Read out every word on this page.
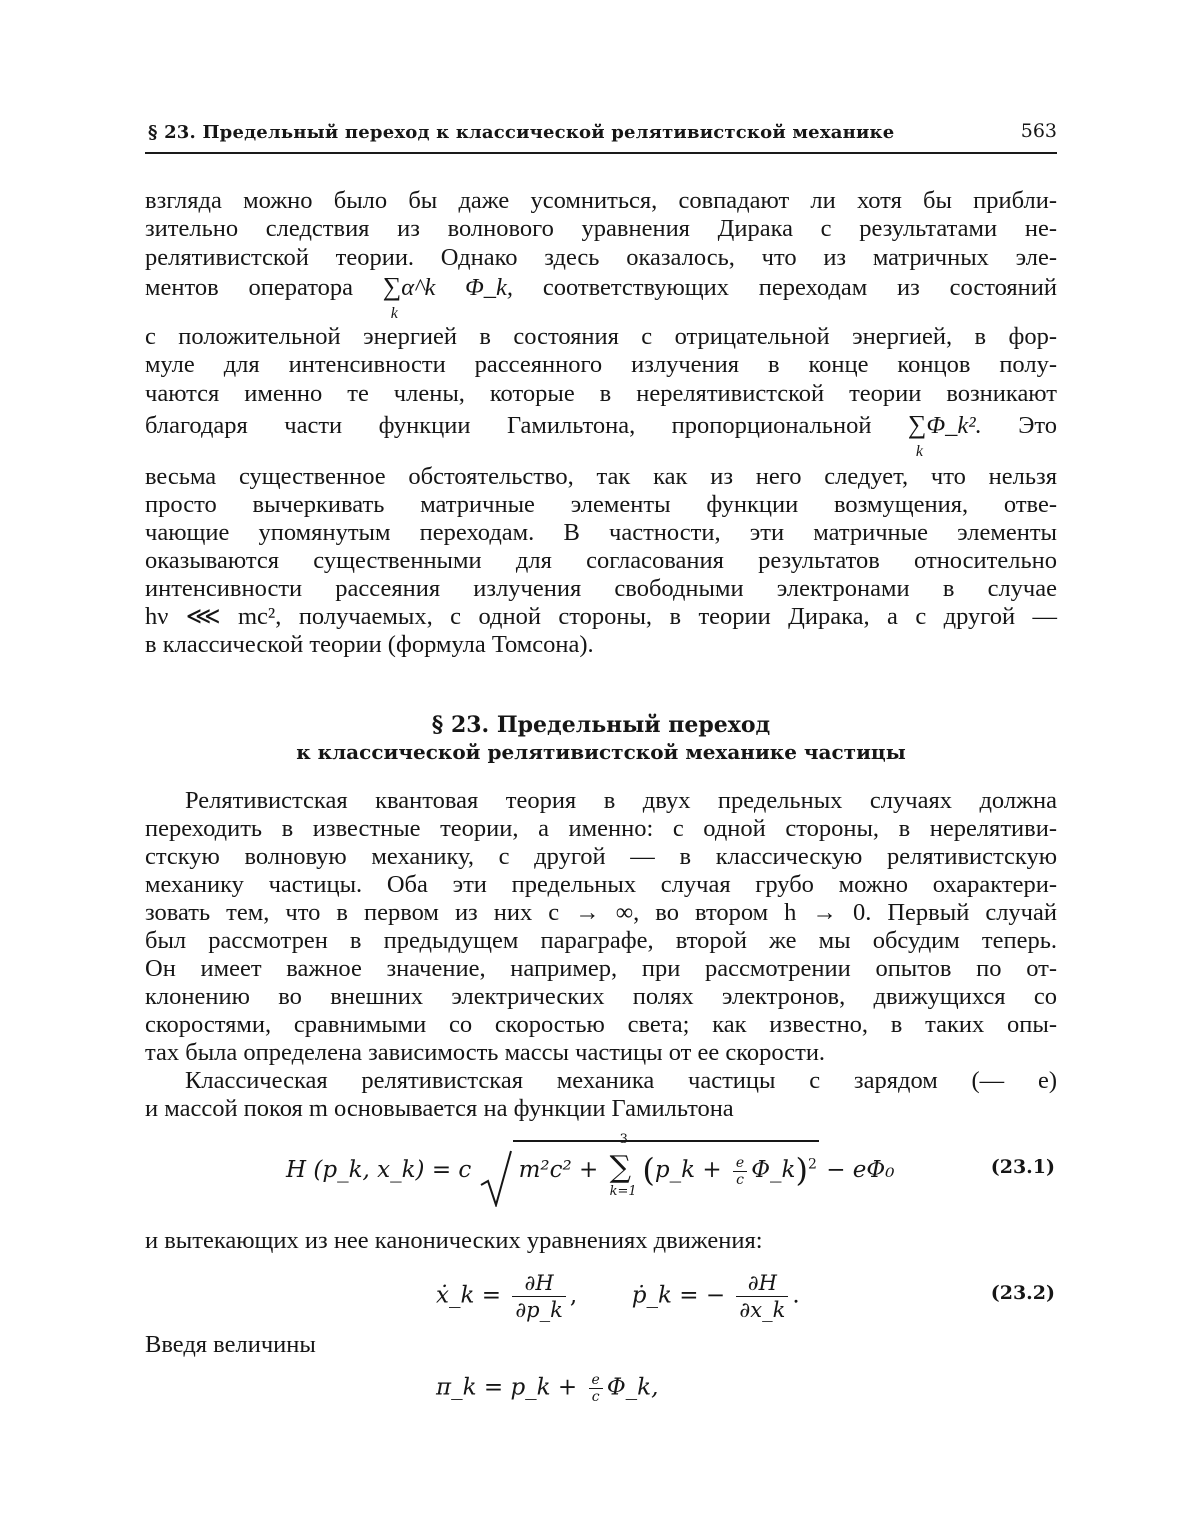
§ 23. Предельный переход к классической релятивистской механике	563
взгляда можно было бы даже усомниться, совпадают ли хотя бы прибли-
зительно следствия из волнового уравнения Дирака с результатами не-
релятивистской теории. Однако здесь оказалось, что из матричных эле-
ментов оператора ∑
k
α^k Φ_k, соответствующих переходам из состояний
с положительной энергией в состояния с отрицательной энергией, в фор-
муле для интенсивности рассеянного излучения в конце концов полу-
чаются именно те члены, которые в нерелятивистской теории возникают
благодаря части функции Гамильтона, пропорциональной ∑
k
Φ_k². Это
весьма существенное обстоятельство, так как из него следует, что нельзя
просто вычеркивать матричные элементы функции возмущения, отве-
чающие упомянутым переходам. В частности, эти матричные элементы
оказываются существенными для согласования результатов относительно
интенсивности рассеяния излучения свободными электронами в случае
hν ⋘ mc², получаемых, с одной стороны, в теории Дирака, а с другой —
в классической теории (формула Томсона).
§ 23. Предельный переход
к классической релятивистской механике частицы
Релятивистская квантовая теория в двух предельных случаях должна
переходить в известные теории, а именно: с одной стороны, в нерелятиви-
стскую волновую механику, с другой — в классическую релятивистскую
механику частицы. Оба эти предельных случая грубо можно охарактери-
зовать тем, что в первом из них c → ∞, во втором h → 0. Первый случай
был рассмотрен в предыдущем параграфе, второй же мы обсудим теперь.
Он имеет важное значение, например, при рассмотрении опытов по от-
клонению во внешних электрических полях электронов, движущихся со
скоростями, сравнимыми со скоростью света; как известно, в таких опы-
тах была определена зависимость массы частицы от ее скорости.
Классическая релятивистская механика частицы с зарядом (— e)
и массой покоя m основывается на функции Гамильтона
H (p_k, x_k) = c m²c² + ∑
3
k=1
(p_k + $\frac{e}{c}$ Φ_k)$^2$ − eΦ₀	(23.1)
и вытекающих из нее канонических уравнениях движения:
ẋ_k = $\frac{\partial H}{\partial p\_k}$ , ṗ_k = − $\frac{\partial H}{\partial x\_k}$ .	(23.2)
Введя величины
π_k = p_k + $\frac{e}{c}$ Φ_k,
